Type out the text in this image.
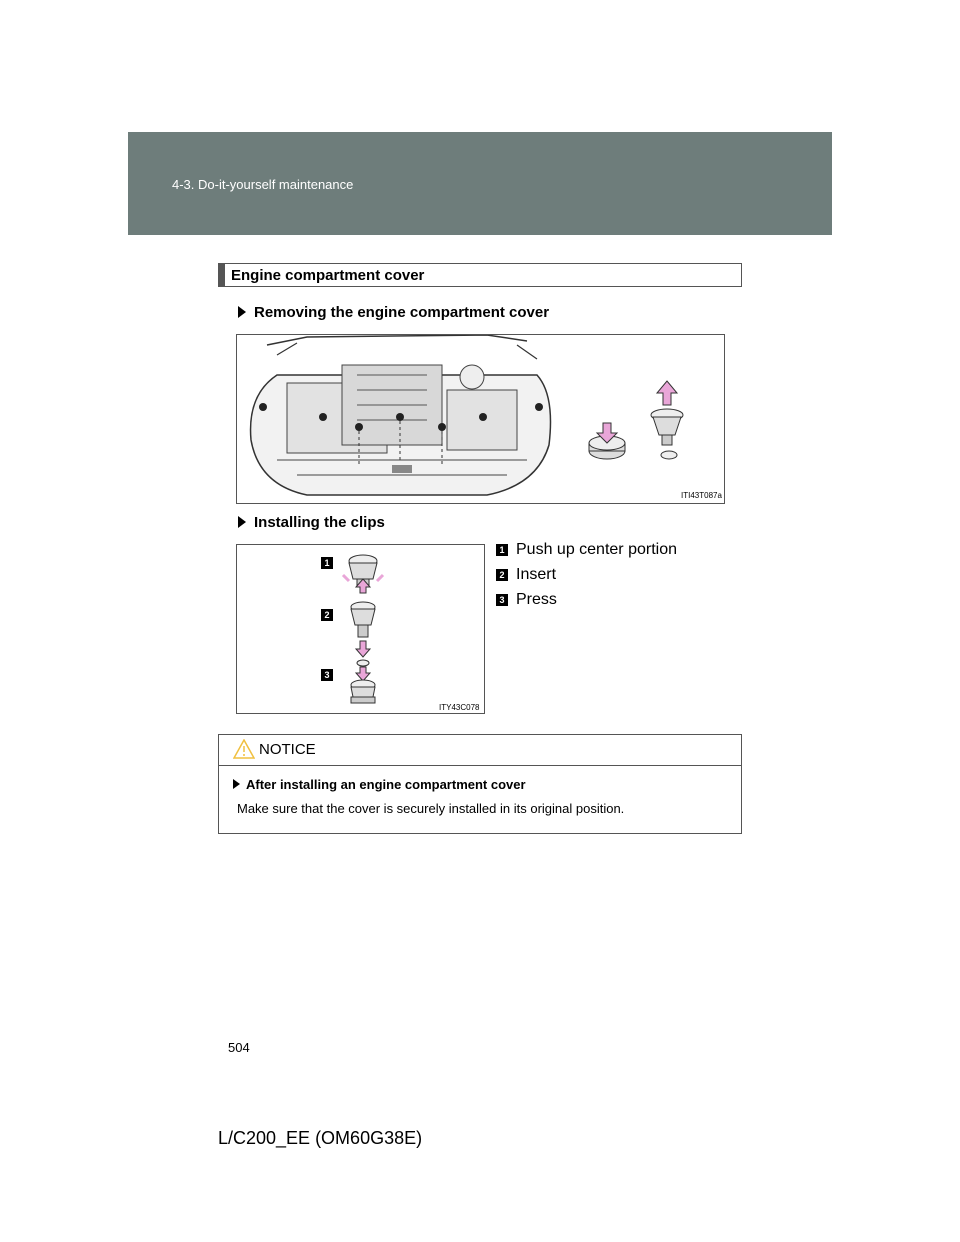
4-3. Do-it-yourself maintenance
Engine compartment cover
Removing the engine compartment cover
ITI43T087a
Installing the clips
1
2
3
ITY43C078
1 Push up center portion
2 Insert
3 Press
NOTICE
After installing an engine compartment cover
Make sure that the cover is securely installed in its original position.
504
L/C200_EE (OM60G38E)
